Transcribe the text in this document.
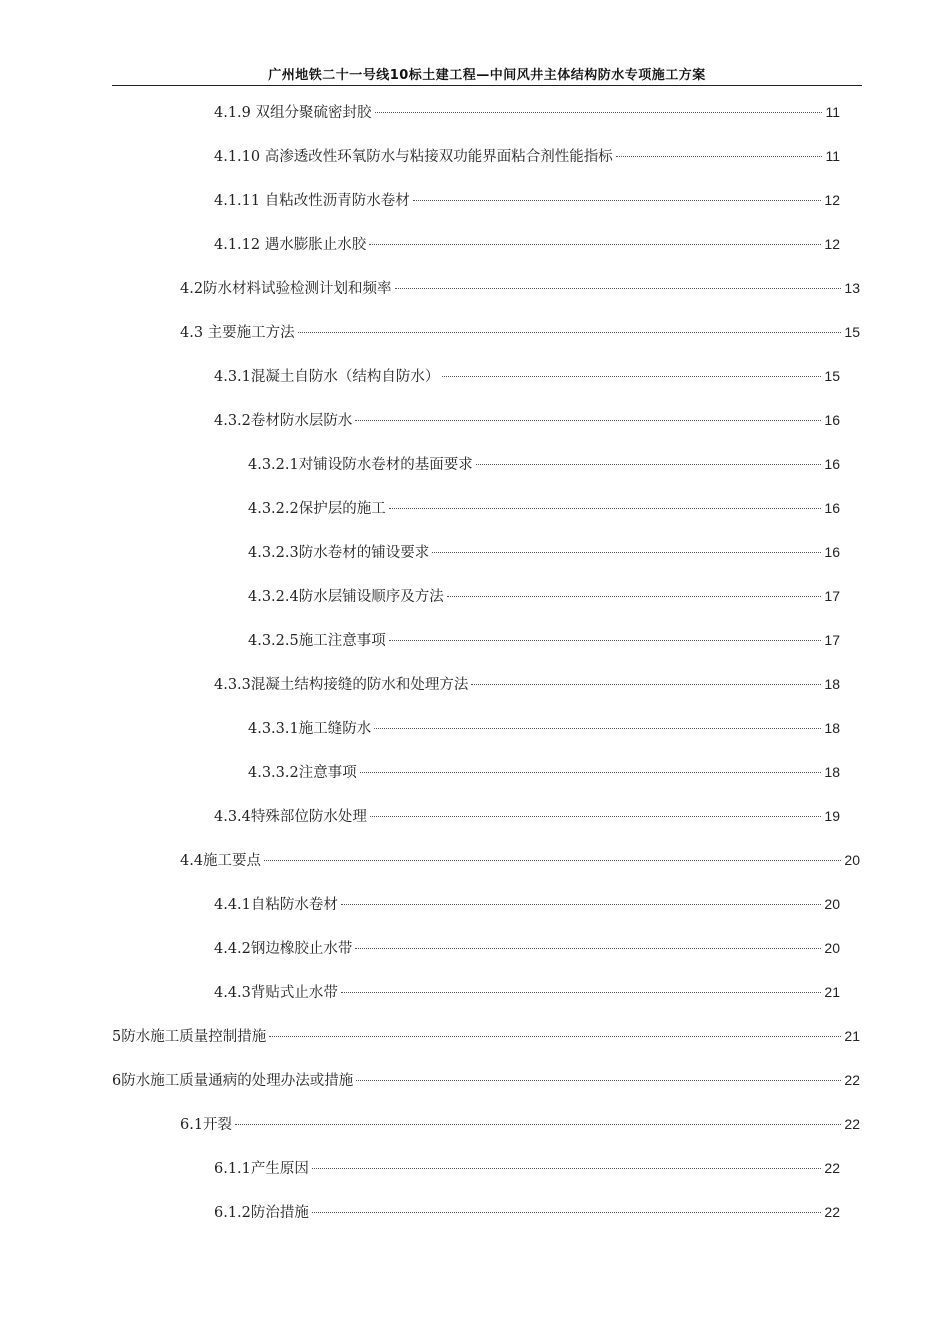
广州地铁二十一号线10标土建工程—中间风井主体结构防水专项施工方案
4.1.9 双组分聚硫密封胶	11
4.1.10 高渗透改性环氧防水与粘接双功能界面粘合剂性能指标	11
4.1.11 自粘改性沥青防水卷材	12
4.1.12 遇水膨胀止水胶	12
4.2防水材料试验检测计划和频率	13
4.3 主要施工方法	15
4.3.1混凝土自防水（结构自防水）	15
4.3.2卷材防水层防水	16
4.3.2.1对铺设防水卷材的基面要求	16
4.3.2.2保护层的施工	16
4.3.2.3防水卷材的铺设要求	16
4.3.2.4防水层铺设顺序及方法	17
4.3.2.5施工注意事项	17
4.3.3混凝土结构接缝的防水和处理方法	18
4.3.3.1施工缝防水	18
4.3.3.2注意事项	18
4.3.4特殊部位防水处理	19
4.4施工要点	20
4.4.1自粘防水卷材	20
4.4.2钢边橡胶止水带	20
4.4.3背贴式止水带	21
5防水施工质量控制措施	21
6防水施工质量通病的处理办法或措施	22
6.1开裂	22
6.1.1产生原因	22
6.1.2防治措施	22
